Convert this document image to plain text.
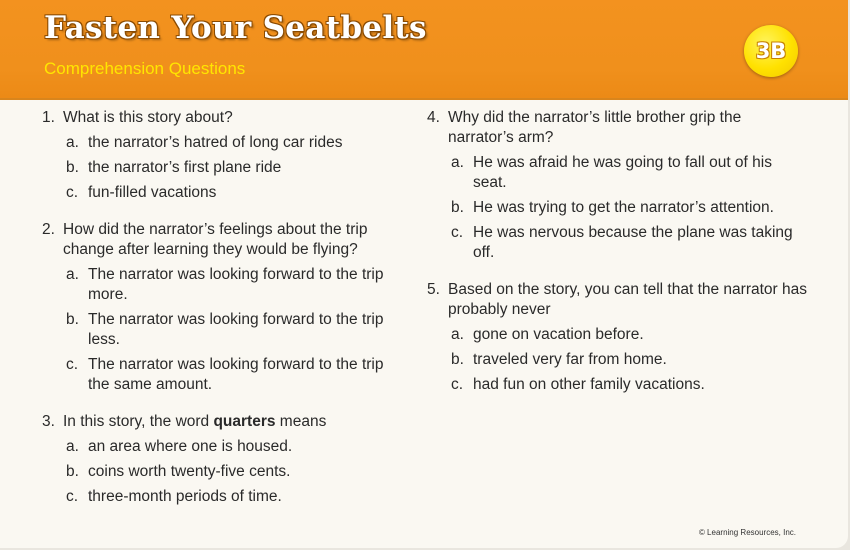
Fasten Your Seatbelts
Comprehension Questions
3B
1. What is this story about?
a. the narrator’s hatred of long car rides
b. the narrator’s first plane ride
c. fun-filled vacations
2. How did the narrator’s feelings about the trip change after learning they would be flying?
a. The narrator was looking forward to the trip more.
b. The narrator was looking forward to the trip less.
c. The narrator was looking forward to the trip the same amount.
3. In this story, the word quarters means
a. an area where one is housed.
b. coins worth twenty-five cents.
c. three-month periods of time.
4. Why did the narrator’s little brother grip the narrator’s arm?
a. He was afraid he was going to fall out of his seat.
b. He was trying to get the narrator’s attention.
c. He was nervous because the plane was taking off.
5. Based on the story, you can tell that the narrator has probably never
a. gone on vacation before.
b. traveled very far from home.
c. had fun on other family vacations.
© Learning Resources, Inc.
